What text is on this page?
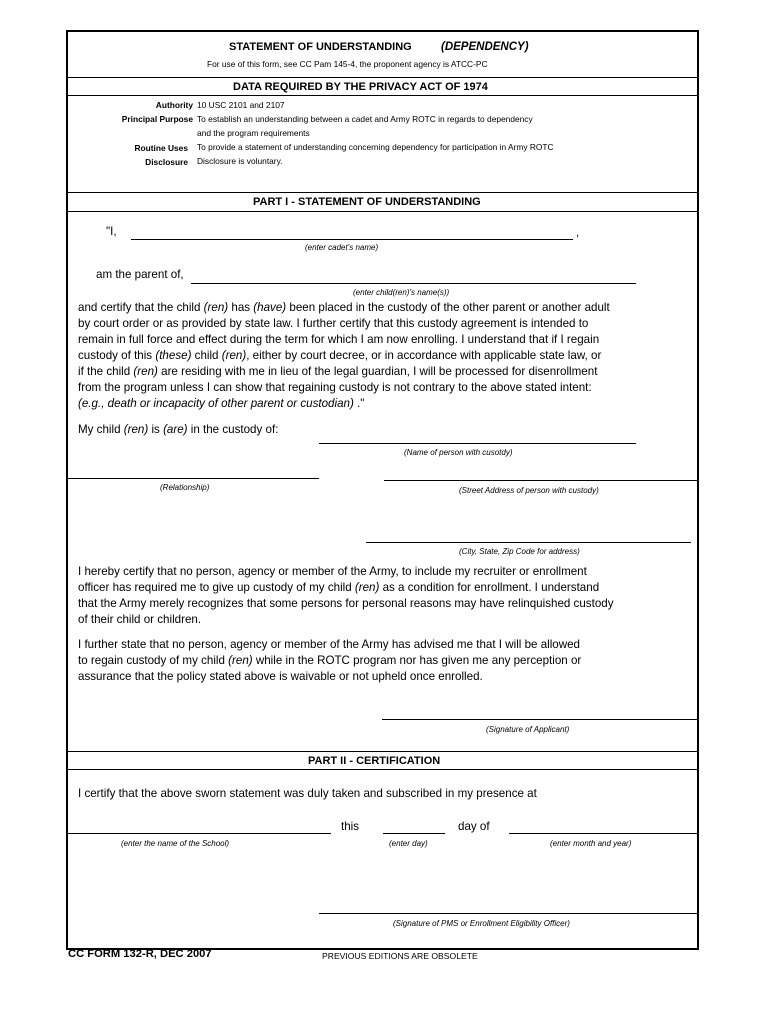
STATEMENT OF UNDERSTANDING	(DEPENDENCY)
For use of this form, see CC Pam 145-4, the proponent agency is ATCC-PC
DATA REQUIRED BY THE PRIVACY ACT OF 1974
Authority 10 USC 2101 and 2107
Principal Purpose To establish an understanding between a cadet and Army ROTC in regards to dependency
and the program requirements
Routine Uses To provide a statement of understanding concerning dependency for participation in Army ROTC
Disclosure Disclosure is voluntary.
PART I - STATEMENT OF UNDERSTANDING
"I,	,
(enter cadet's name)
am the parent of,
(enter child(ren)'s name(s))
and certify that the child (ren) has (have) been placed in the custody of the other parent or another adult
by court order or as provided by state law. I further certify that this custody agreement is intended to
remain in full force and effect during the term for which I am now enrolling. I understand that if I regain
custody of this (these) child (ren), either by court decree, or in accordance with applicable state law, or
if the child (ren) are residing with me in lieu of the legal guardian, I will be processed for disenrollment
from the program unless I can show that regaining custody is not contrary to the above stated intent:
(e.g., death or incapacity of other parent or custodian) ."
My child (ren) is (are) in the custody of:
(Name of person with cusotdy)
(Relationship)	(Street Address of person with custody)
(City, State, Zip Code for address)
I hereby certify that no person, agency or member of the Army, to include my recruiter or enrollment
officer has required me to give up custody of my child (ren) as a condition for enrollment. I understand
that the Army merely recognizes that some persons for personal reasons may have relinquished custody
of their child or children.
I further state that no person, agency or member of the Army has advised me that I will be allowed
to regain custody of my child (ren) while in the ROTC program nor has given me any perception or
assurance that the policy stated above is waivable or not upheld once enrolled.
(Signature of Applicant)
PART II - CERTIFICATION
I certify that the above sworn statement was duly taken and subscribed in my presence at
this	day of
(enter the name of the School)	(enter day)	(enter month and year)
(Signature of PMS or Enrollment Eligibility Officer)
CC FORM 132-R, DEC 2007	PREVIOUS EDITIONS ARE OBSOLETE
